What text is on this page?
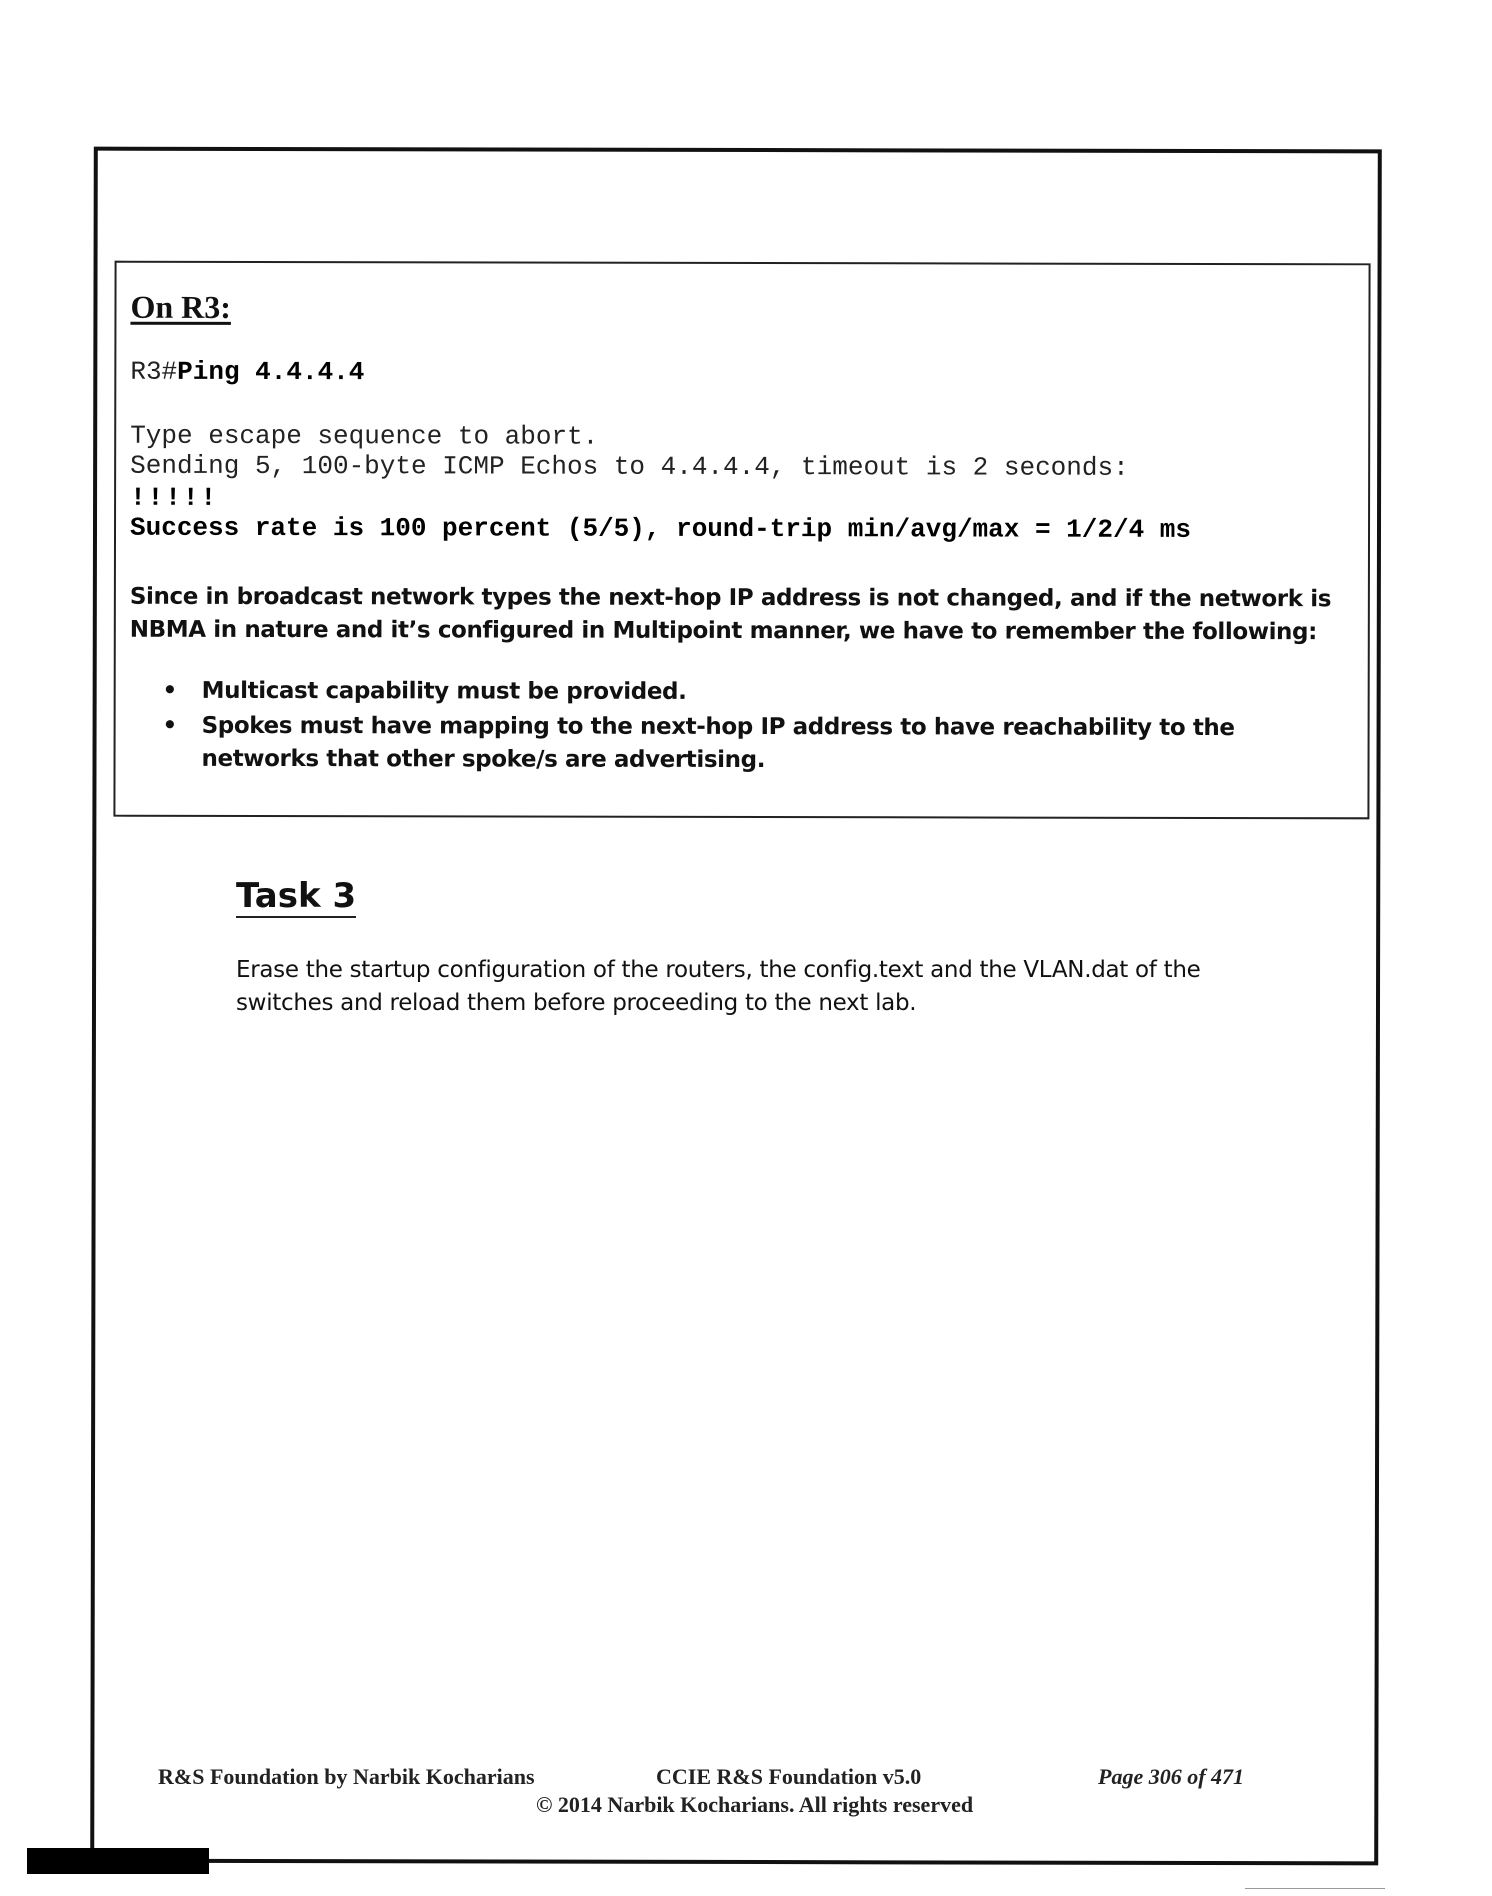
On R3:
R3#Ping 4.4.4.4
Type escape sequence to abort.
Sending 5, 100-byte ICMP Echos to 4.4.4.4, timeout is 2 seconds:
!!!!!
Success rate is 100 percent (5/5), round-trip min/avg/max = 1/2/4 ms
Since in broadcast network types the next-hop IP address is not changed, and if the network is NBMA in nature and it’s configured in Multipoint manner, we have to remember the following:
• Multicast capability must be provided.
• Spokes must have mapping to the next-hop IP address to have reachability to the networks that other spoke/s are advertising.
Task 3
Erase the startup configuration of the routers, the config.text and the VLAN.dat of the switches and reload them before proceeding to the next lab.
R&S Foundation by Narbik Kocharians	CCIE R&S Foundation v5.0	Page 306 of 471
© 2014 Narbik Kocharians. All rights reserved
